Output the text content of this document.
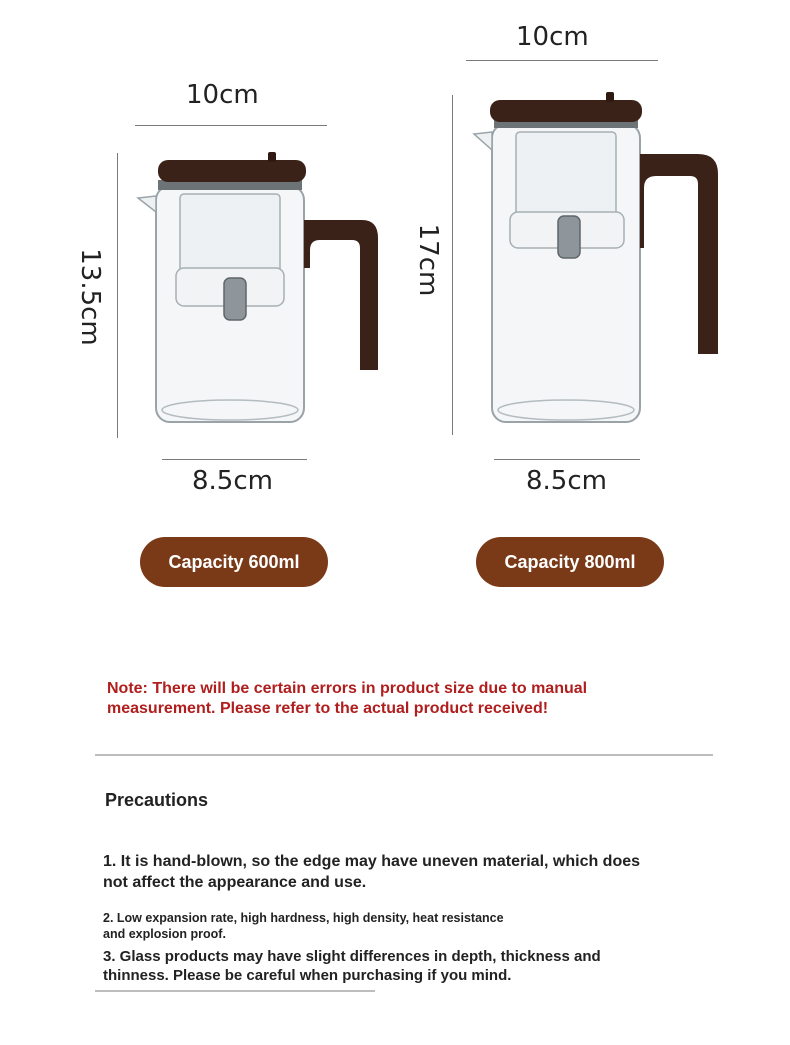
10cm
13.5cm
8.5cm
Capacity 600ml
10cm
17cm
8.5cm
Capacity 800ml
Note: There will be certain errors in product size due to manual measurement. Please refer to the actual product received!
Precautions
1. It is hand-blown, so the edge may have uneven material, which does not affect the appearance and use.
2. Low expansion rate, high hardness, high density, heat resistance and explosion proof.
3. Glass products may have slight differences in depth, thickness and thinness. Please be careful when purchasing if you mind.
